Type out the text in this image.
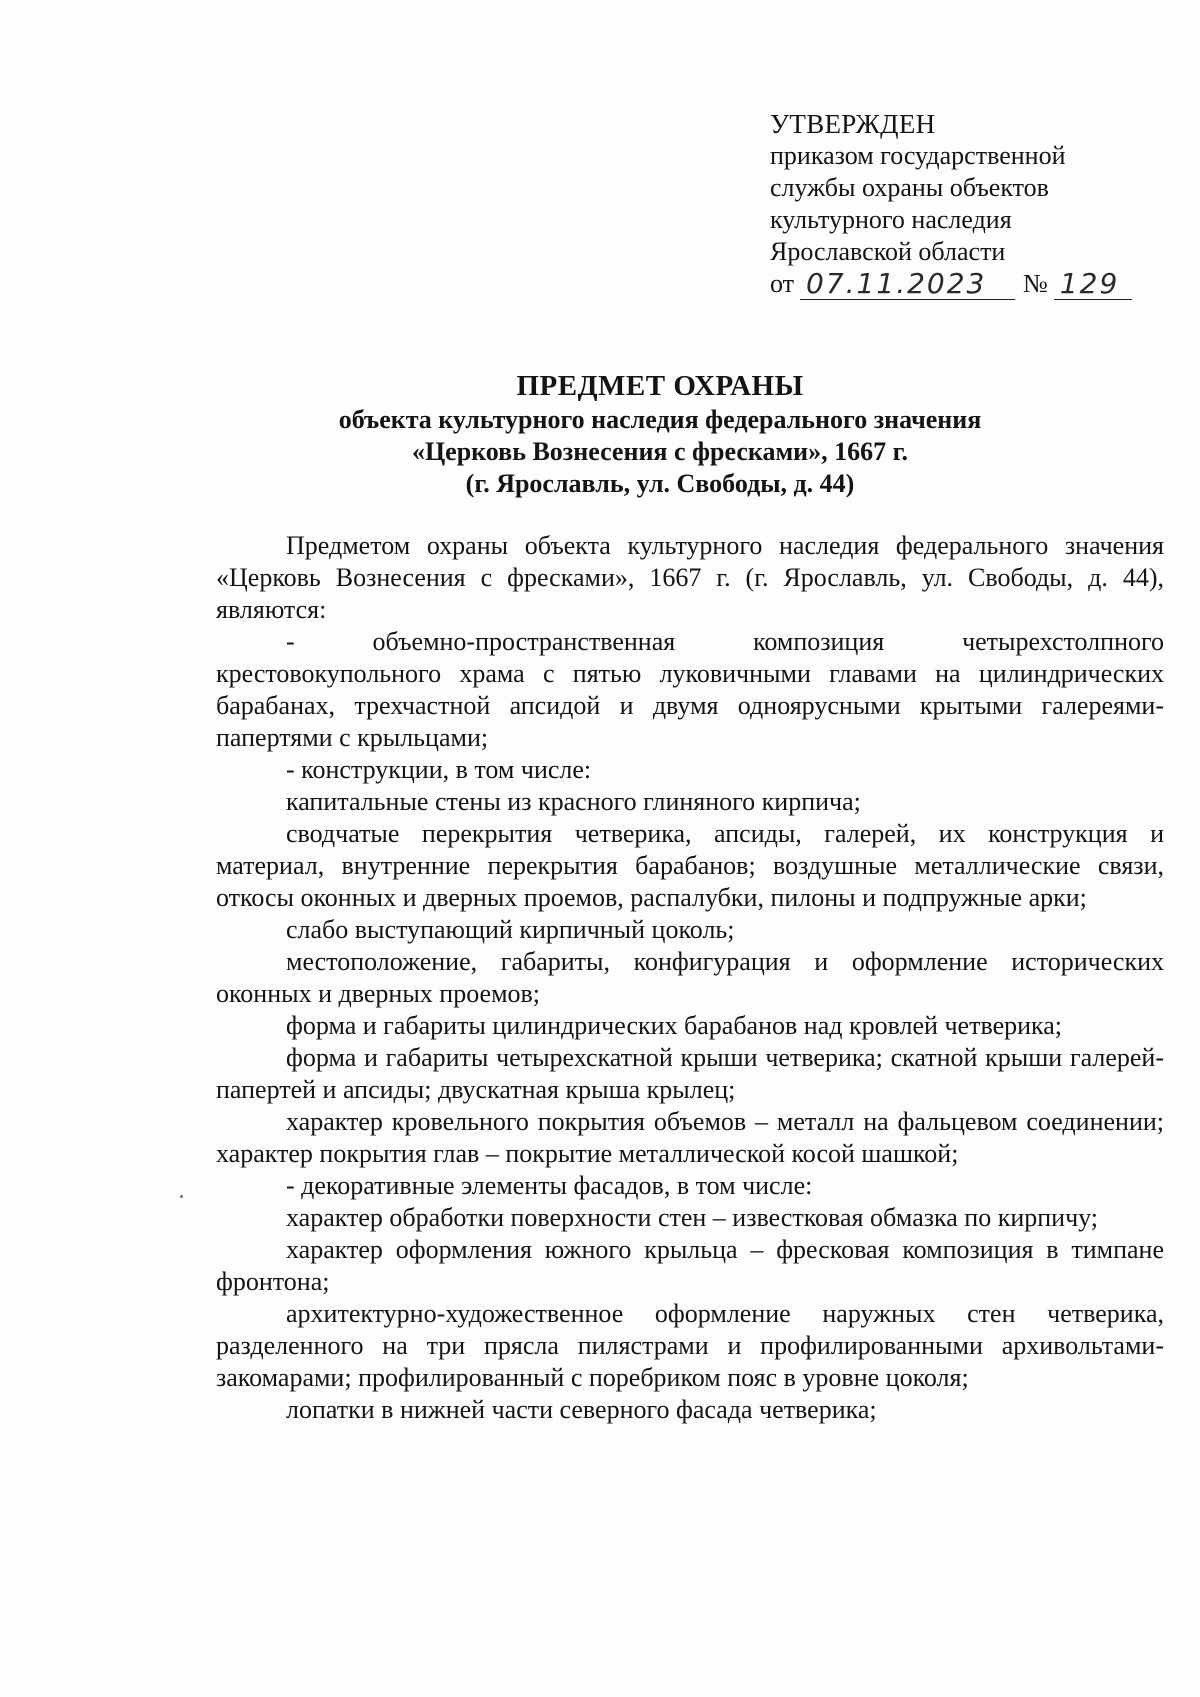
УТВЕРЖДЕН
приказом государственной
службы охраны объектов
культурного наследия
Ярославской области
от 07.11.2023	№ 129
ПРЕДМЕТ ОХРАНЫ
объекта культурного наследия федерального значения
«Церковь Вознесения с фресками», 1667 г.
(г. Ярославль, ул. Свободы, д. 44)

Предметом охраны объекта культурного наследия федерального значения «Церковь Вознесения с фресками», 1667 г. (г. Ярославль, ул. Свободы, д. 44), являются:

- объемно-пространственная композиция четырехстолпного крестовокупольного храма с пятью луковичными главами на цилиндрических барабанах, трехчастной апсидой и двумя одноярусными крытыми галереями-папертями с крыльцами;

- конструкции, в том числе:

капитальные стены из красного глиняного кирпича;

сводчатые перекрытия четверика, апсиды, галерей, их конструкция и материал, внутренние перекрытия барабанов; воздушные металлические связи, откосы оконных и дверных проемов, распалубки, пилоны и подпружные арки;

слабо выступающий кирпичный цоколь;

местоположение, габариты, конфигурация и оформление исторических оконных и дверных проемов;

форма и габариты цилиндрических барабанов над кровлей четверика;

форма и габариты четырехскатной крыши четверика; скатной крыши галерей-папертей и апсиды; двускатная крыша крылец;

характер кровельного покрытия объемов – металл на фальцевом соединении; характер покрытия глав – покрытие металлической косой шашкой;

- декоративные элементы фасадов, в том числе:

характер обработки поверхности стен – известковая обмазка по кирпичу;

характер оформления южного крыльца – фресковая композиция в тимпане фронтона;

архитектурно-художественное оформление наружных стен четверика, разделенного на три прясла пилястрами и профилированными архивольтами-закомарами; профилированный с поребриком пояс в уровне цоколя;

лопатки в нижней части северного фасада четверика;
